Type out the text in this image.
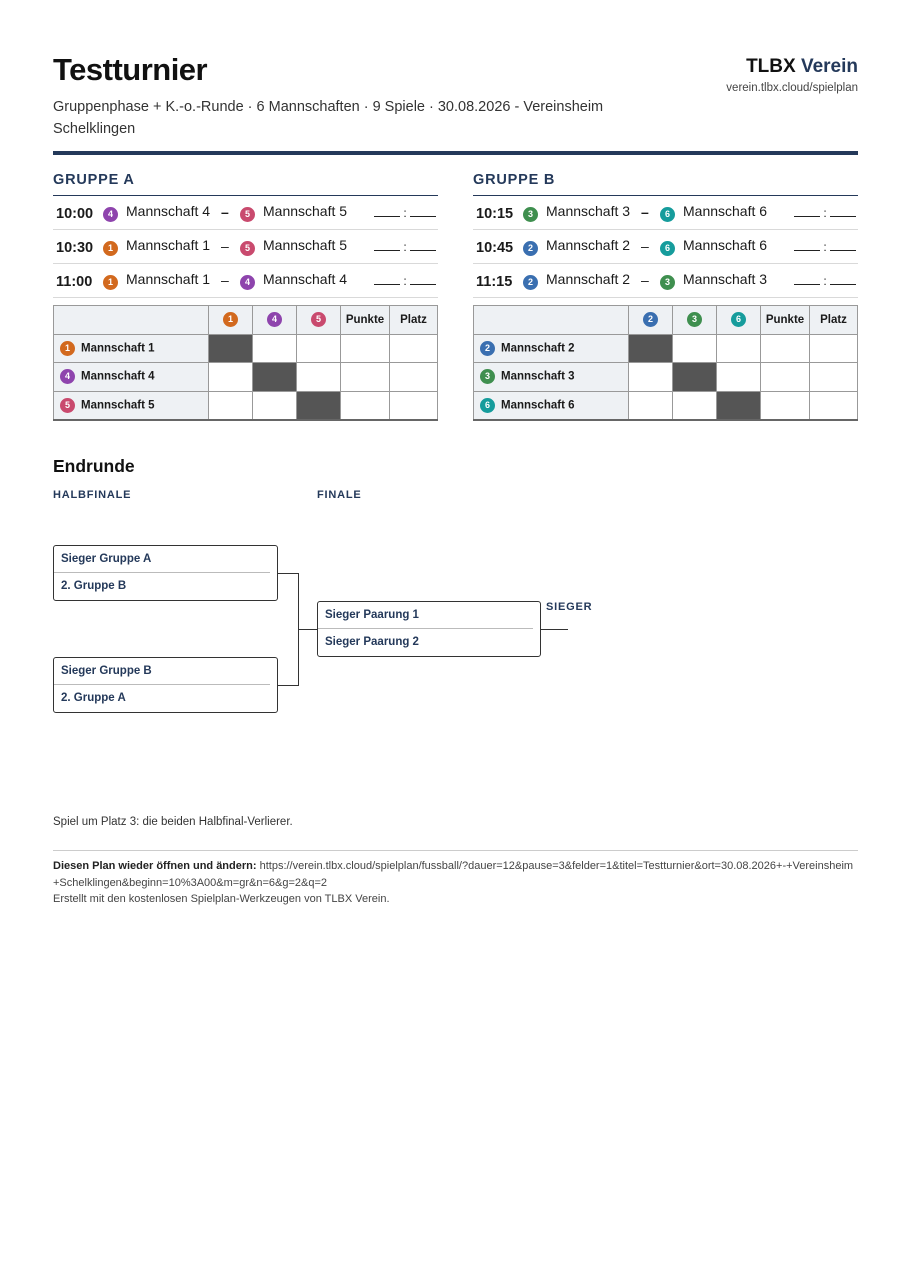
Testturnier
Gruppenphase + K.-o.-Runde · 6 Mannschaften · 9 Spiele · 30.08.2026 - Vereinsheim Schelklingen
TLBX Verein
verein.tlbx.cloud/spielplan
GRUPPE A
10:00	4 Mannschaft 4 –	5 Mannschaft 5	:
10:30	1 Mannschaft 1 –	5 Mannschaft 5	:
11:00	1 Mannschaft 1 –	4 Mannschaft 4	:
	1	4	5	Punkte	Platz
1 Mannschaft 1					
4 Mannschaft 4					
5 Mannschaft 5					
GRUPPE B
10:15	3 Mannschaft 3 –	6 Mannschaft 6	:
10:45	2 Mannschaft 2 –	6 Mannschaft 6	:
11:15	2 Mannschaft 2 –	3 Mannschaft 3	:
	2	3	6	Punkte	Platz
2 Mannschaft 2					
3 Mannschaft 3					
6 Mannschaft 6					
Endrunde
HALBFINALE	FINALE
Sieger Gruppe A
2. Gruppe B
Sieger Gruppe B
2. Gruppe A
Sieger Paarung 1
Sieger Paarung 2
SIEGER
Spiel um Platz 3: die beiden Halbfinal-Verlierer.
Diesen Plan wieder öffnen und ändern: https://verein.tlbx.cloud/spielplan/fussball/?dauer=12&pause=3&felder=1&titel=Testturnier&ort=30.08.2026+-+Vereinsheim+Schelklingen&beginn=10%3A00&m=gr&n=6&g=2&q=2
Erstellt mit den kostenlosen Spielplan-Werkzeugen von TLBX Verein.
